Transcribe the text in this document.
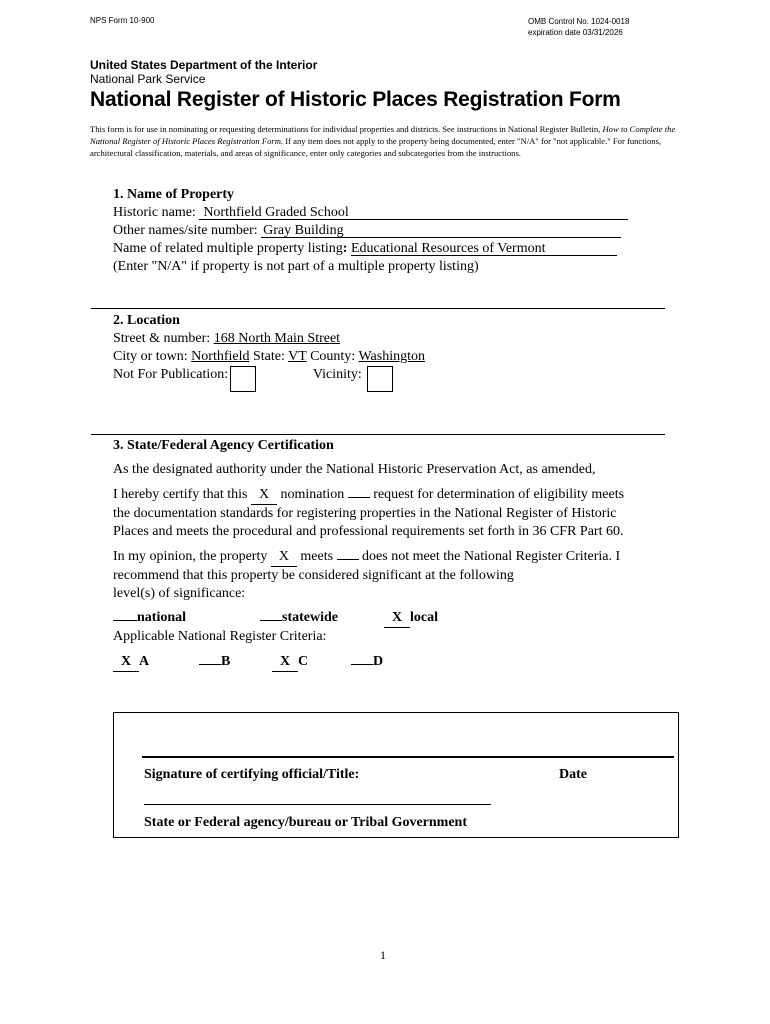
NPS Form 10-900	OMB Control No. 1024-0018
expiration date 03/31/2026
United States Department of the Interior
National Park Service
National Register of Historic Places Registration Form
This form is for use in nominating or requesting determinations for individual properties and districts. See instructions in National Register Bulletin, How to Complete the National Register of Historic Places Registration Form. If any item does not apply to the property being documented, enter "N/A" for "not applicable." For functions, architectural classification, materials, and areas of significance, enter only categories and subcategories from the instructions.
1. Name of Property
Historic name: Northfield Graded School
Other names/site number: Gray Building
Name of related multiple property listing: Educational Resources of Vermont
(Enter "N/A" if property is not part of a multiple property listing)
2. Location
Street & number: 168 North Main Street
City or town: Northfield State: VT County: Washington
Not For Publication:	Vicinity:
3. State/Federal Agency Certification
As the designated authority under the National Historic Preservation Act, as amended,
I hereby certify that this X nomination request for determination of eligibility meets
the documentation standards for registering properties in the National Register of Historic
Places and meets the procedural and professional requirements set forth in 36 CFR Part 60.
In my opinion, the property X meets does not meet the National Register Criteria. I
recommend that this property be considered significant at the following
level(s) of significance:
national	statewide	X local
Applicable National Register Criteria:
X A	B	X C	D
Signature of certifying official/Title:	Date
State or Federal agency/bureau or Tribal Government
1
